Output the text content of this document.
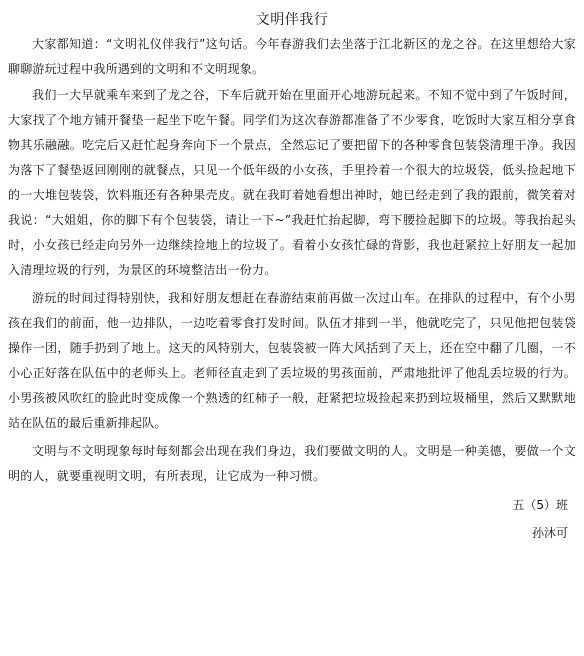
文明伴我行

大家都知道：“文明礼仪伴我行”这句话。今年春游我们去坐落于江北新区的龙之谷。在这里想给大家聊聊游玩过程中我所遇到的文明和不文明现象。

我们一大早就乘车来到了龙之谷，下车后就开始在里面开心地游玩起来。不知不觉中到了午饭时间，大家找了个地方铺开餐垫一起坐下吃午餐。同学们为这次春游都准备了不少零食，吃饭时大家互相分享食物其乐融融。吃完后又赶忙起身奔向下一个景点，全然忘记了要把留下的各种零食包装袋清理干净。我因为落下了餐垫返回刚刚的就餐点，只见一个低年级的小女孩，手里拎着一个很大的垃圾袋，低头捡起地下的一大堆包装袋，饮料瓶还有各种果壳皮。就在我盯着她看想出神时，她已经走到了我的跟前，微笑着对我说：“大姐姐，你的脚下有个包装袋，请让一下~”我赶忙抬起脚，弯下腰捡起脚下的垃圾。等我抬起头时，小女孩已经走向另外一边继续捡地上的垃圾了。看着小女孩忙碌的背影，我也赶紧拉上好朋友一起加入清理垃圾的行列，为景区的环境整洁出一份力。

游玩的时间过得特别快，我和好朋友想赶在春游结束前再做一次过山车。在排队的过程中，有个小男孩在我们的前面，他一边排队，一边吃着零食打发时间。队伍才排到一半，他就吃完了，只见他把包装袋操作一团，随手扔到了地上。这天的风特别大，包装袋被一阵大风括到了天上，还在空中翻了几圈，一不小心正好落在队伍中的老师头上。老师径直走到了丢垃圾的男孩面前，严肃地批评了他乱丢垃圾的行为。小男孩被风吹红的脸此时变成像一个熟透的红柿子一般，赶紧把垃圾捡起来扔到垃圾桶里，然后又默默地站在队伍的最后重新排起队。

文明与不文明现象每时每刻都会出现在我们身边，我们要做文明的人。文明是一种美德，要做一个文明的人，就要重视明文明，有所表现，让它成为一种习惯。

五（5）班
孙沐可
